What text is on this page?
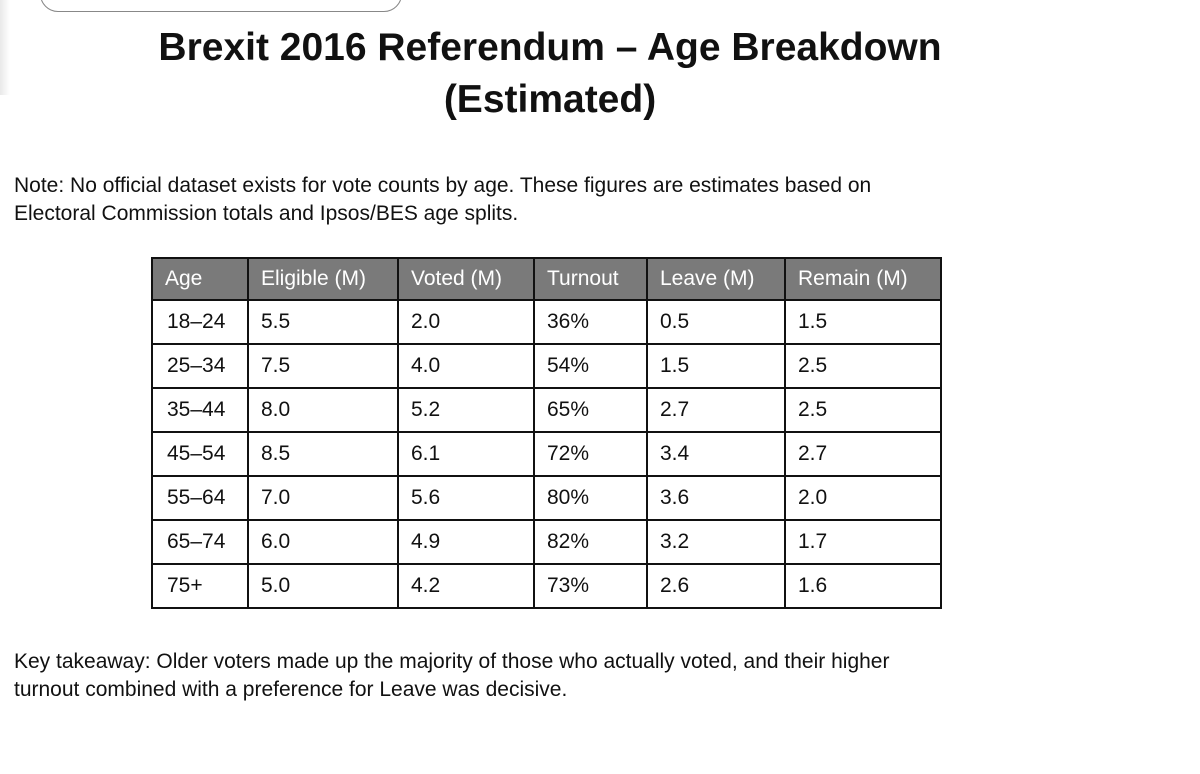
Brexit 2016 Referendum – Age Breakdown
(Estimated)
Note: No official dataset exists for vote counts by age. These figures are estimates based on
Electoral Commission totals and Ipsos/BES age splits.
Age	Eligible (M)	Voted (M)	Turnout	Leave (M)	Remain (M)
18–24	5.5	2.0	36%	0.5	1.5
25–34	7.5	4.0	54%	1.5	2.5
35–44	8.0	5.2	65%	2.7	2.5
45–54	8.5	6.1	72%	3.4	2.7
55–64	7.0	5.6	80%	3.6	2.0
65–74	6.0	4.9	82%	3.2	1.7
75+	5.0	4.2	73%	2.6	1.6
Key takeaway: Older voters made up the majority of those who actually voted, and their higher
turnout combined with a preference for Leave was decisive.
